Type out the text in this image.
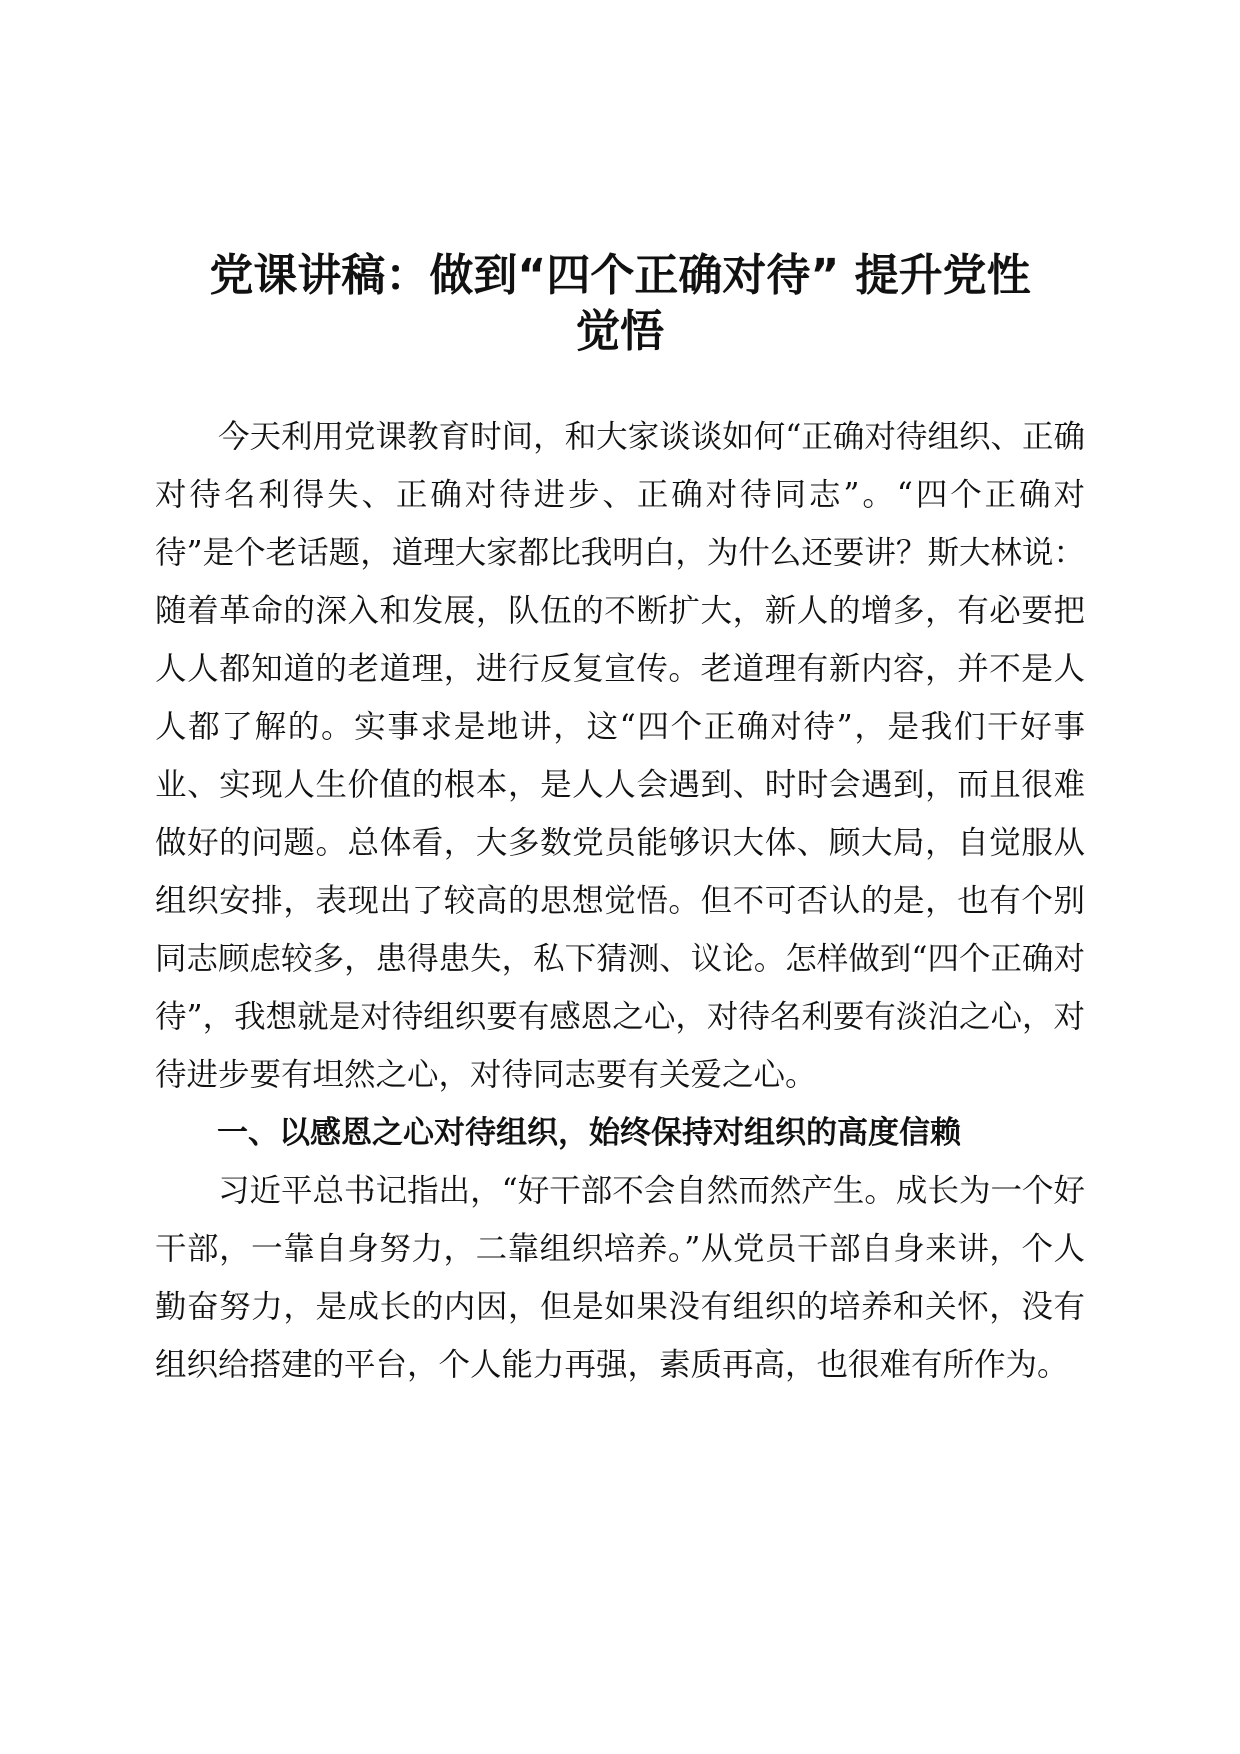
党课讲稿：做到“四个正确对待” 提升党性
觉悟

今天利用党课教育时间，和大家谈谈如何“正确对待组织、正确对待名利得失、正确对待进步、正确对待同志”。“四个正确对待”是个老话题，道理大家都比我明白，为什么还要讲？斯大林说：随着革命的深入和发展，队伍的不断扩大，新人的增多，有必要把人人都知道的老道理，进行反复宣传。老道理有新内容，并不是人人都了解的。实事求是地讲，这“四个正确对待”，是我们干好事业、实现人生价值的根本，是人人会遇到、时时会遇到，而且很难做好的问题。总体看，大多数党员能够识大体、顾大局，自觉服从组织安排，表现出了较高的思想觉悟。但不可否认的是，也有个别同志顾虑较多，患得患失，私下猜测、议论。怎样做到“四个正确对待”，我想就是对待组织要有感恩之心，对待名利要有淡泊之心，对待进步要有坦然之心，对待同志要有关爱之心。

一、以感恩之心对待组织，始终保持对组织的高度信赖

习近平总书记指出，“好干部不会自然而然产生。成长为一个好干部，一靠自身努力，二靠组织培养。”从党员干部自身来讲，个人勤奋努力，是成长的内因，但是如果没有组织的培养和关怀，没有组织给搭建的平台，个人能力再强，素质再高，也很难有所作为。
